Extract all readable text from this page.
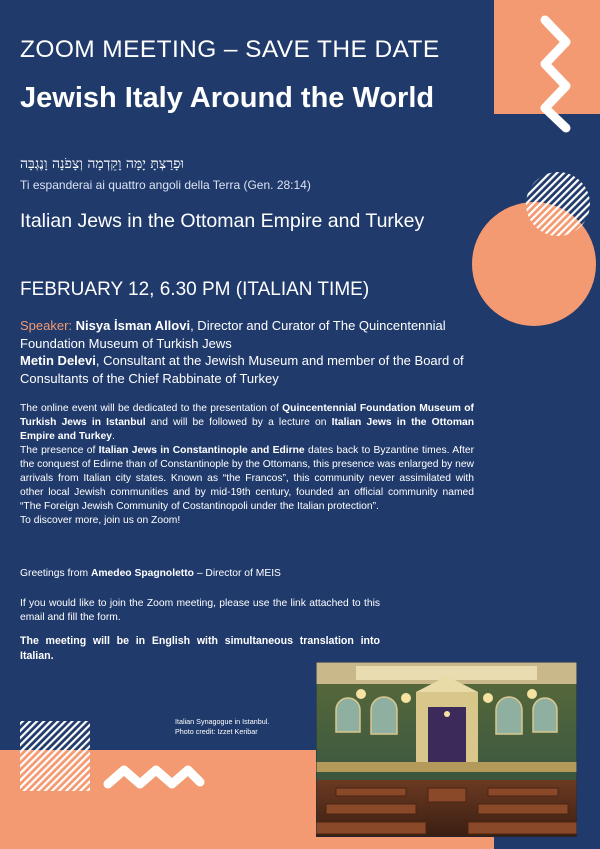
ZOOM MEETING – SAVE THE DATE
Jewish Italy Around the World
וּפָרַצְתָּ יָמָּה וָקֵדְמָה וְצָפֹנָה וָנֶגְבָּה
Ti espanderai ai quattro angoli della Terra (Gen. 28:14)
Italian Jews in the Ottoman Empire and Turkey
FEBRUARY 12, 6.30 PM (ITALIAN TIME)
Speaker: Nisya İsman Allovi, Director and Curator of The Quincentennial Foundation Museum of Turkish Jews
Metin Delevi, Consultant at the Jewish Museum and member of the Board of Consultants of the Chief Rabbinate of Turkey

The online event will be dedicated to the presentation of Quincentennial Foundation Museum of Turkish Jews in Istanbul and will be followed by a lecture on Italian Jews in the Ottoman Empire and Turkey.

The presence of Italian Jews in Constantinople and Edirne dates back to Byzantine times. After the conquest of Edirne than of Constantinople by the Ottomans, this presence was enlarged by new arrivals from Italian city states. Known as “the Francos”, this community never assimilated with other local Jewish communities and by mid-19th century, founded an official community named “The Foreign Jewish Community of Costantinopoli under the Italian protection”.

To discover more, join us on Zoom!

Greetings from Amedeo Spagnoletto – Director of MEIS
If you would like to join the Zoom meeting, please use the link attached to this email and fill the form.
The meeting will be in English with simultaneous translation into Italian.
Italian Synagogue in Istanbul.
Photo credit: Izzet Keribar
